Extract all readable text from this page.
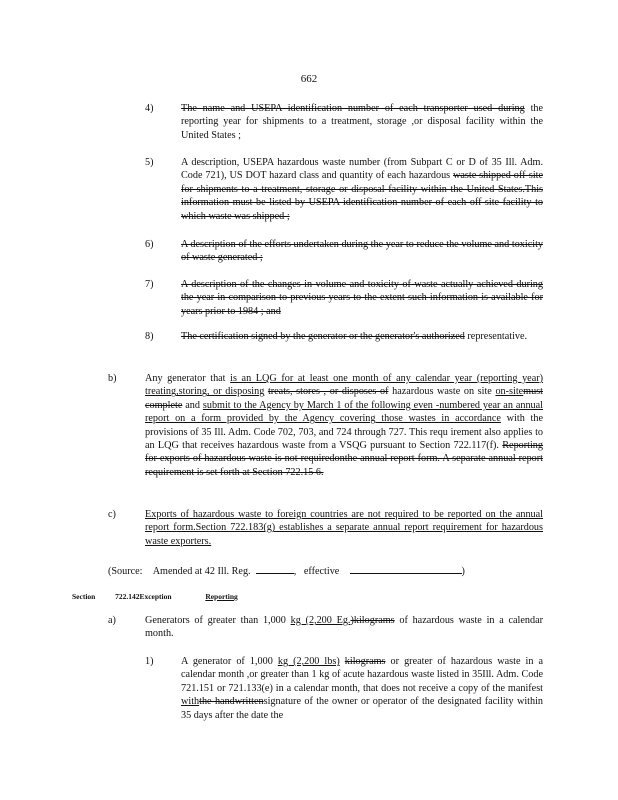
662
4)	The name and USEPA identification number of each transporter used during the reporting year for shipments to a treatment, storage ,or disposal facility within the United States ;

5)	A description, USEPA hazardous waste number (from Subpart C or D of 35 Ill. Adm. Code 721), US DOT hazard class and quantity of each hazardous waste shipped off-site for shipments to a treatment, storage or disposal facility within the United States.This information must be listed by USEPA identification number of each off-site facility to which waste was shipped ;

6)	A description of the efforts undertaken during the year to reduce the volume and toxicity of waste generated ;

7)	A description of the changes in volume and toxicity of waste actually achieved during the year in comparison to previous years to the extent such information is available for years prior to 1984 ; and

8)	The certification signed by the generator or the generator's authorized representative.

b)	Any generator that is an LQG for at least one month of any calendar year (reporting year) treating,storing, or disposing treats, stores , or disposes of hazardous waste on site on-sitemust complete and submit to the Agency by March 1 of the following even -numbered year an annual report on a form provided by the Agency covering those wastes in accordance with the provisions of 35 Ill. Adm. Code 702, 703, and 724 through 727. This requ irement also applies to an LQG that receives hazardous waste from a VSQG pursuant to Section 722.117(f). Reporting for exports of hazardous waste is not requiredonthe annual report form. A separate annual report requirement is set forth at Section 722.15 6.

c)	Exports of hazardous waste to foreign countries are not required to be reported on the annual report form.Section 722.183(g) establishes a separate annual report requirement for hazardous waste exporters.

(Source: Amended at 42 Ill. Reg.	, effective	)
Section	722.142Exception	Reporting
a)	Generators of greater than 1,000 kg (2,200 Eg.)kilograms of hazardous waste in a calendar month.

1)	A generator of 1,000 kg (2,200 lbs) kilograms or greater of hazardous waste in a calendar month ,or greater than 1 kg of acute hazardous waste listed in 35Ill. Adm. Code 721.151 or 721.133(e) in a calendar month, that does not receive a copy of the manifest withthe handwrittensignature of the owner or operator of the designated facility within 35 days after the date the
